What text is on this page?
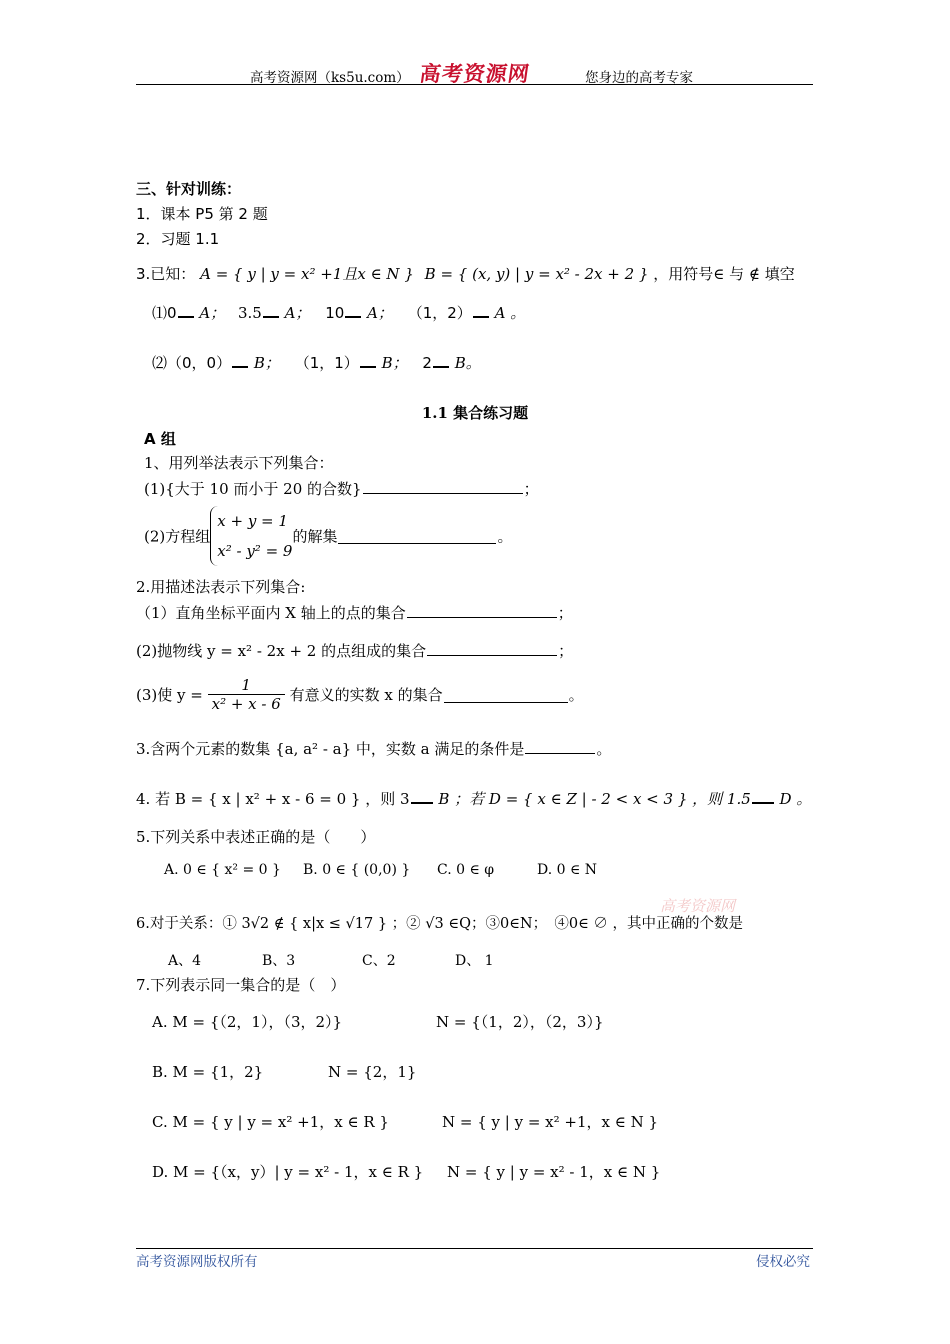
高考资源网（ks5u.com） 高考资源网	您身边的高考专家
三、针对训练：
1．课本 P5 第 2 题
2．习题 1.1
3.已知： A = { y | y = x² +1且x ∈ N } B = { (x, y) | y = x² - 2x + 2 } ，用符号∈ 与 ∉ 填空
⑴0 A； 3.5 A； 10 A； （1，2） A 。
⑵（0，0） B； （1，1） B； 2 B。
1.1 集合练习题
A 组
1、用列举法表示下列集合：
(1){大于 10 而小于 20 的合数}	；
(2)方程组
x + y = 1
x² - y² = 9
的解集	。
2.用描述法表示下列集合:
（1）直角坐标平面内 X 轴上的点的集合	；
(2)抛物线 y = x² - 2x + 2 的点组成的集合	；
(3)使 $y = \frac{1}{\text{x² + x - 6}}$ 有意义的实数 x 的集合	。
3.含两个元素的数集 {a, a² - a} 中，实数 a 满足的条件是	。
4. 若 B = { x | x² + x - 6 = 0 } ，则 3 B ；若 D = { x ∈ Z | - 2 < x < 3 } ，则 1.5 D 。
5.下列关系中表述正确的是（　　）
A. 0 ∈ { x² = 0 } B. 0 ∈ { (0,0) } C. 0 ∈ φ	D. 0 ∈ N
高考资源网
6.对于关系：① 3√2 ∉ { x|x ≤ √17 } ；② √3 ∈Q；③0∈N；　④0∈ ∅ ，其中正确的个数是
A、4	B、3	C、2	D、 1
7.下列表示同一集合的是（　）
A. M = {（2，1），（3，2）}	N = {（1，2），（2，3）}
B. M = {1，2}	N = {2，1}
C. M = { y | y = x² +1，x ∈ R }	N = { y | y = x² +1，x ∈ N }
D. M = {（x，y）| y = x² - 1，x ∈ R } N = { y | y = x² - 1，x ∈ N }
高考资源网版权所有	侵权必究
